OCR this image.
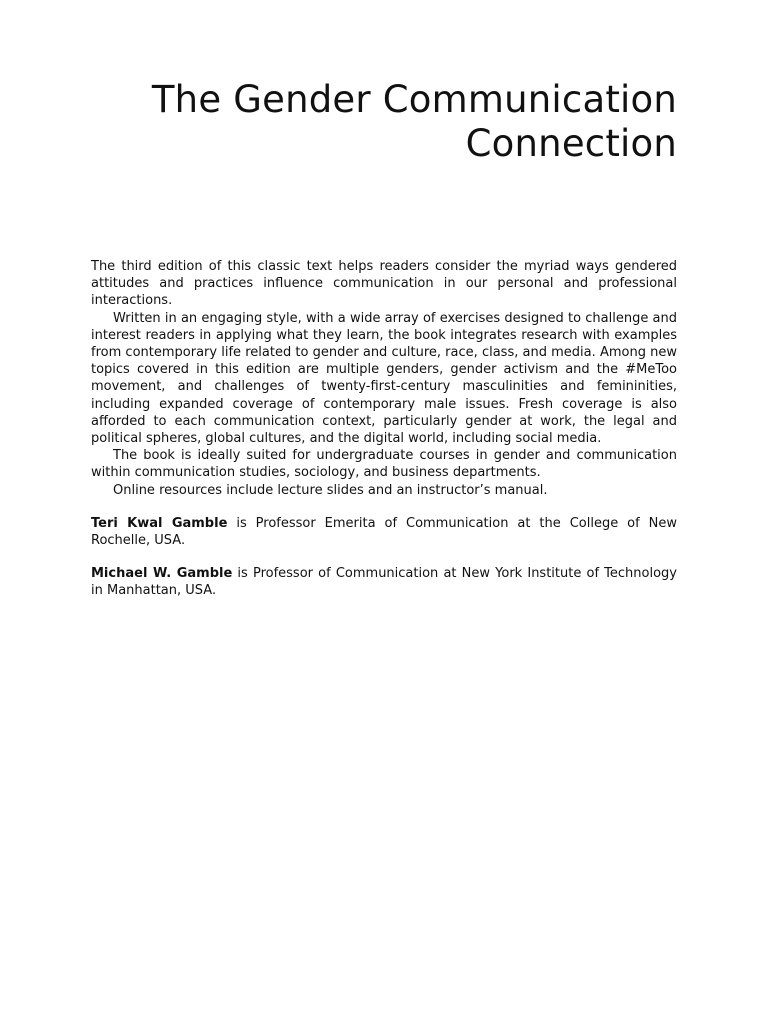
The Gender Communication
Connection

The third edition of this classic text helps readers consider the myriad ways gendered attitudes and practices influence communication in our personal and professional interactions.

Written in an engaging style, with a wide array of exercises designed to challenge and interest readers in applying what they learn, the book integrates research with examples from contemporary life related to gender and culture, race, class, and media. Among new topics covered in this edition are multiple genders, gender activism and the #MeToo movement, and challenges of twenty-first-century masculinities and femininities, including expanded coverage of contemporary male issues. Fresh coverage is also afforded to each communication context, particularly gender at work, the legal and political spheres, global cultures, and the digital world, including social media.

The book is ideally suited for undergraduate courses in gender and communication within communication studies, sociology, and business departments.

Online resources include lecture slides and an instructor’s manual.

Teri Kwal Gamble is Professor Emerita of Communication at the College of New Rochelle, USA.

Michael W. Gamble is Professor of Communication at New York Institute of Technology in Manhattan, USA.
